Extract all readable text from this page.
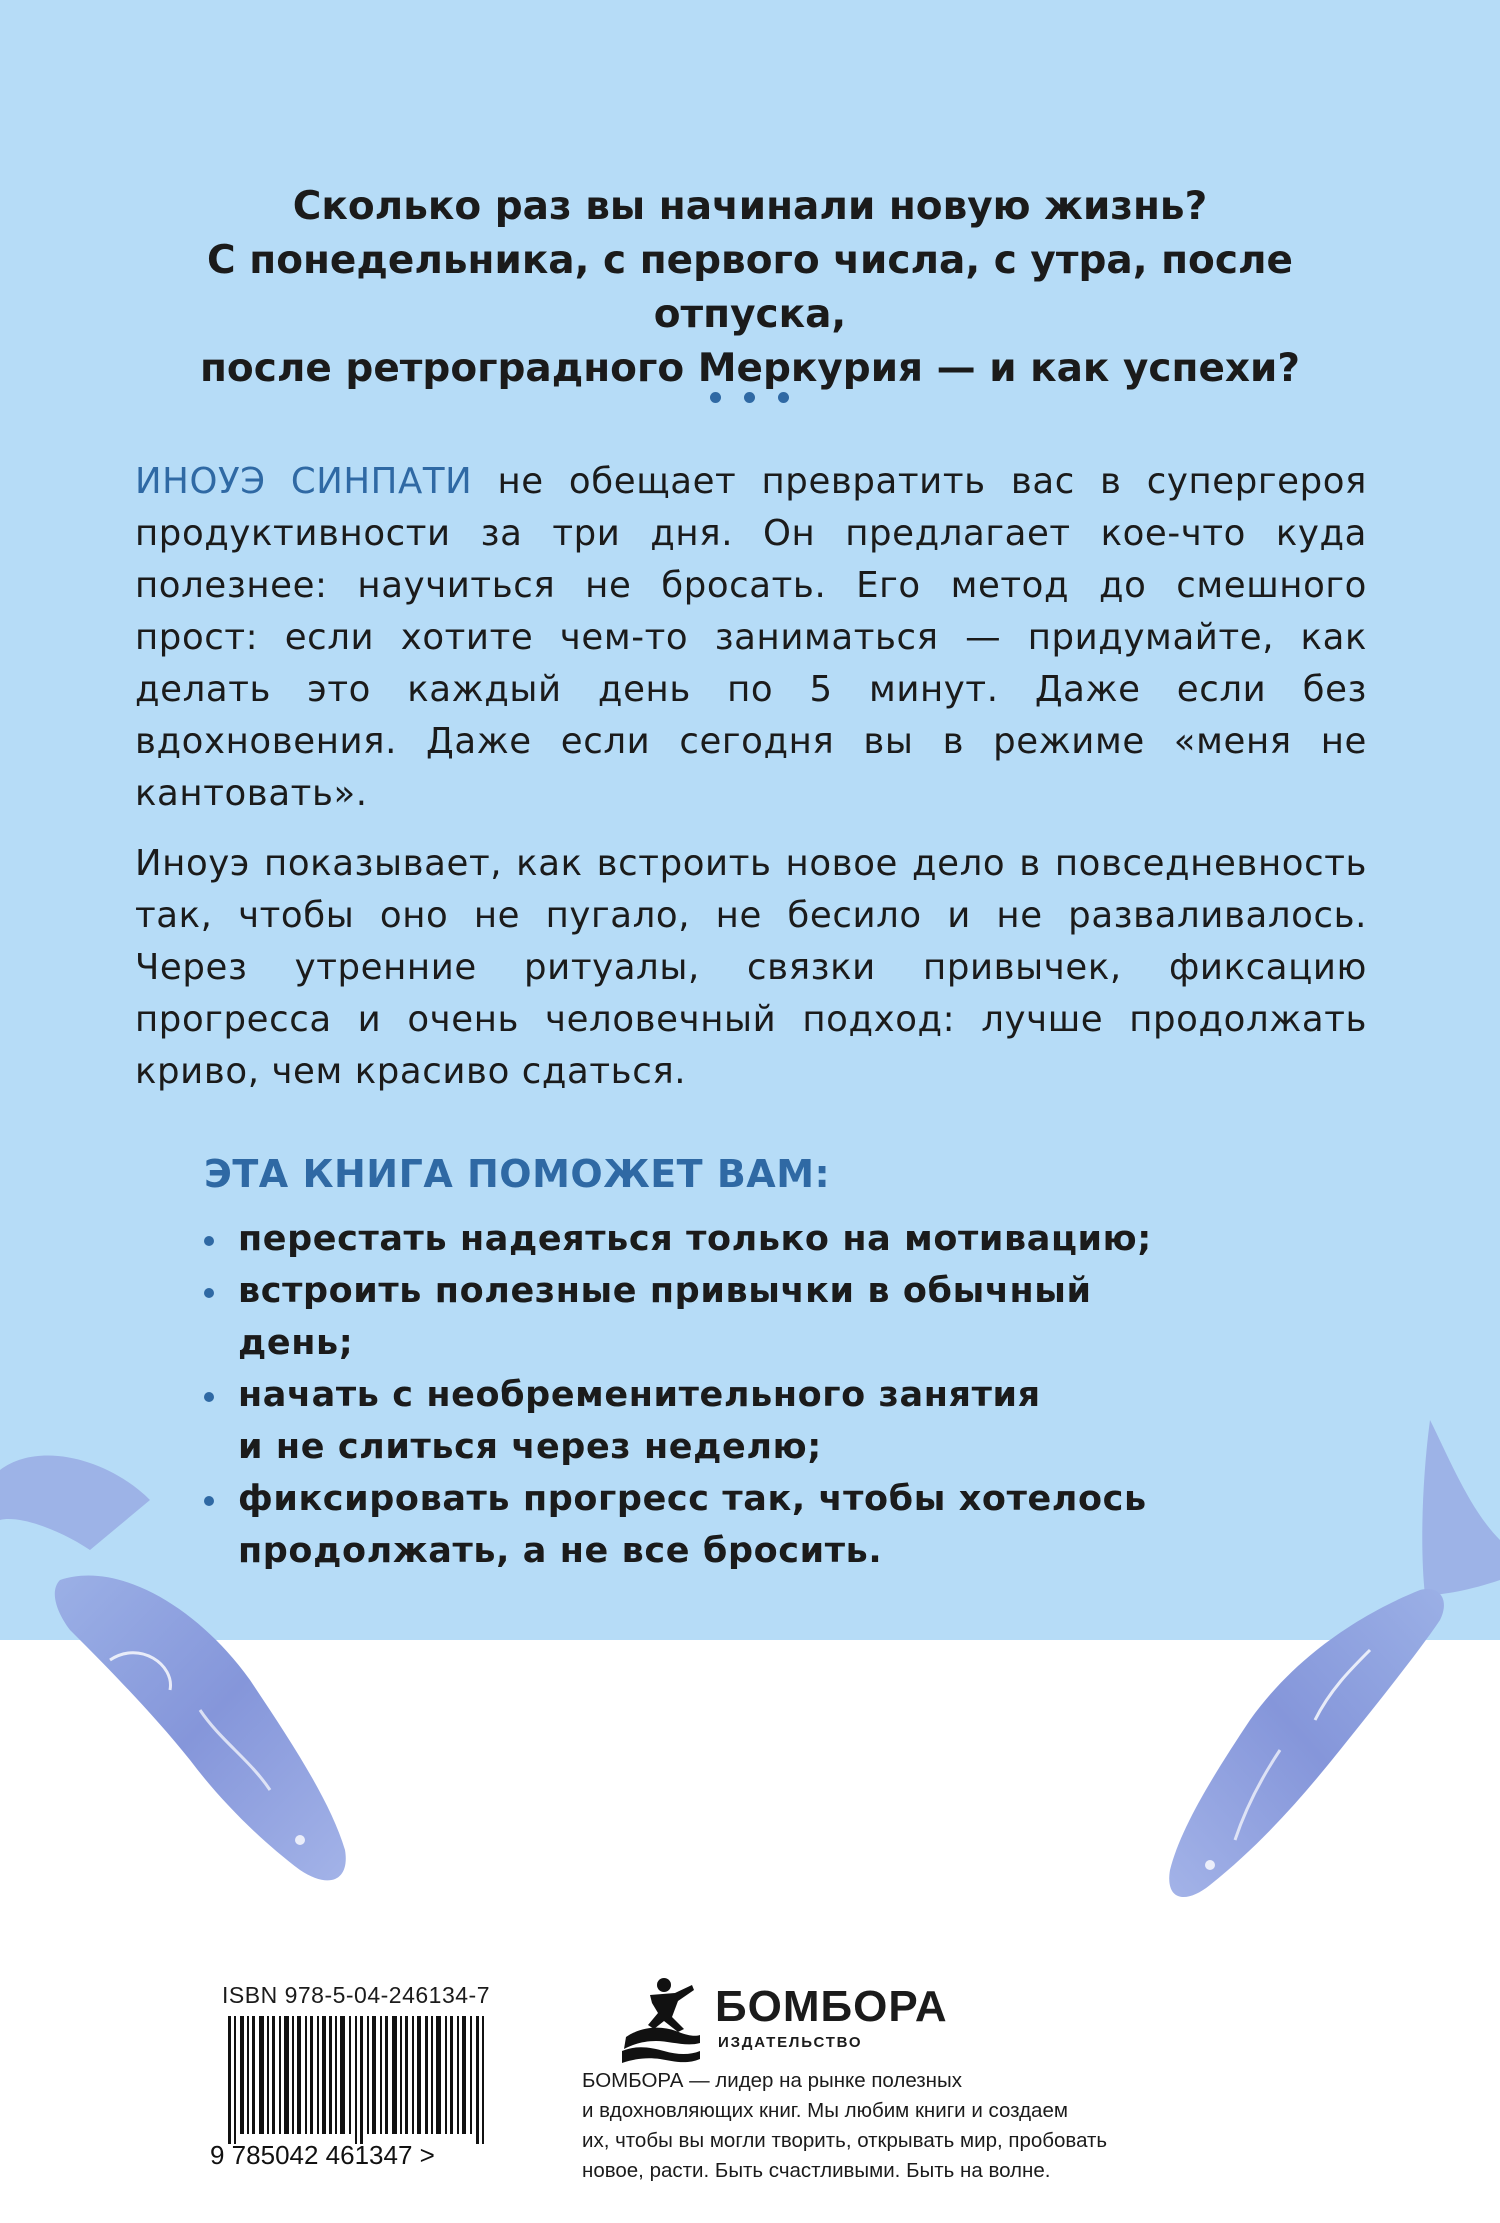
Сколько раз вы начинали новую жизнь?
С понедельника, с первого числа, с утра, после отпуска,
после ретроградного Меркурия — и как успехи?

ИНОУЭ СИНПАТИ не обещает превратить вас в супергероя продуктивности за три дня. Он предлагает кое-что куда полезнее: научиться не бросать. Его метод до смешного прост: если хотите чем-то заниматься — придумайте, как делать это каждый день по 5 минут. Даже если без вдохновения. Даже если сегодня вы в режиме «меня не кантовать».

Иноуэ показывает, как встроить новое дело в повседневность так, чтобы оно не пугало, не бесило и не разваливалось. Через утренние ритуалы, связки привычек, фиксацию прогресса и очень человечный подход: лучше продолжать криво, чем красиво сдаться.

ЭТА КНИГА ПОМОЖЕТ ВАМ:
перестать надеяться только на мотивацию;
встроить полезные привычки в обычный день;
начать с необременительного занятия
и не слиться через неделю;
фиксировать прогресс так, чтобы хотелось
продолжать, а не все бросить.

ISBN 978-5-04-246134-7

9 785042 461347 >

БОМБОРА

ИЗДАТЕЛЬСТВО

БОМБОРА — лидер на рынке полезных
и вдохновляющих книг. Мы любим книги и создаем
их, чтобы вы могли творить, открывать мир, пробовать
новое, расти. Быть счастливыми. Быть на волне.
